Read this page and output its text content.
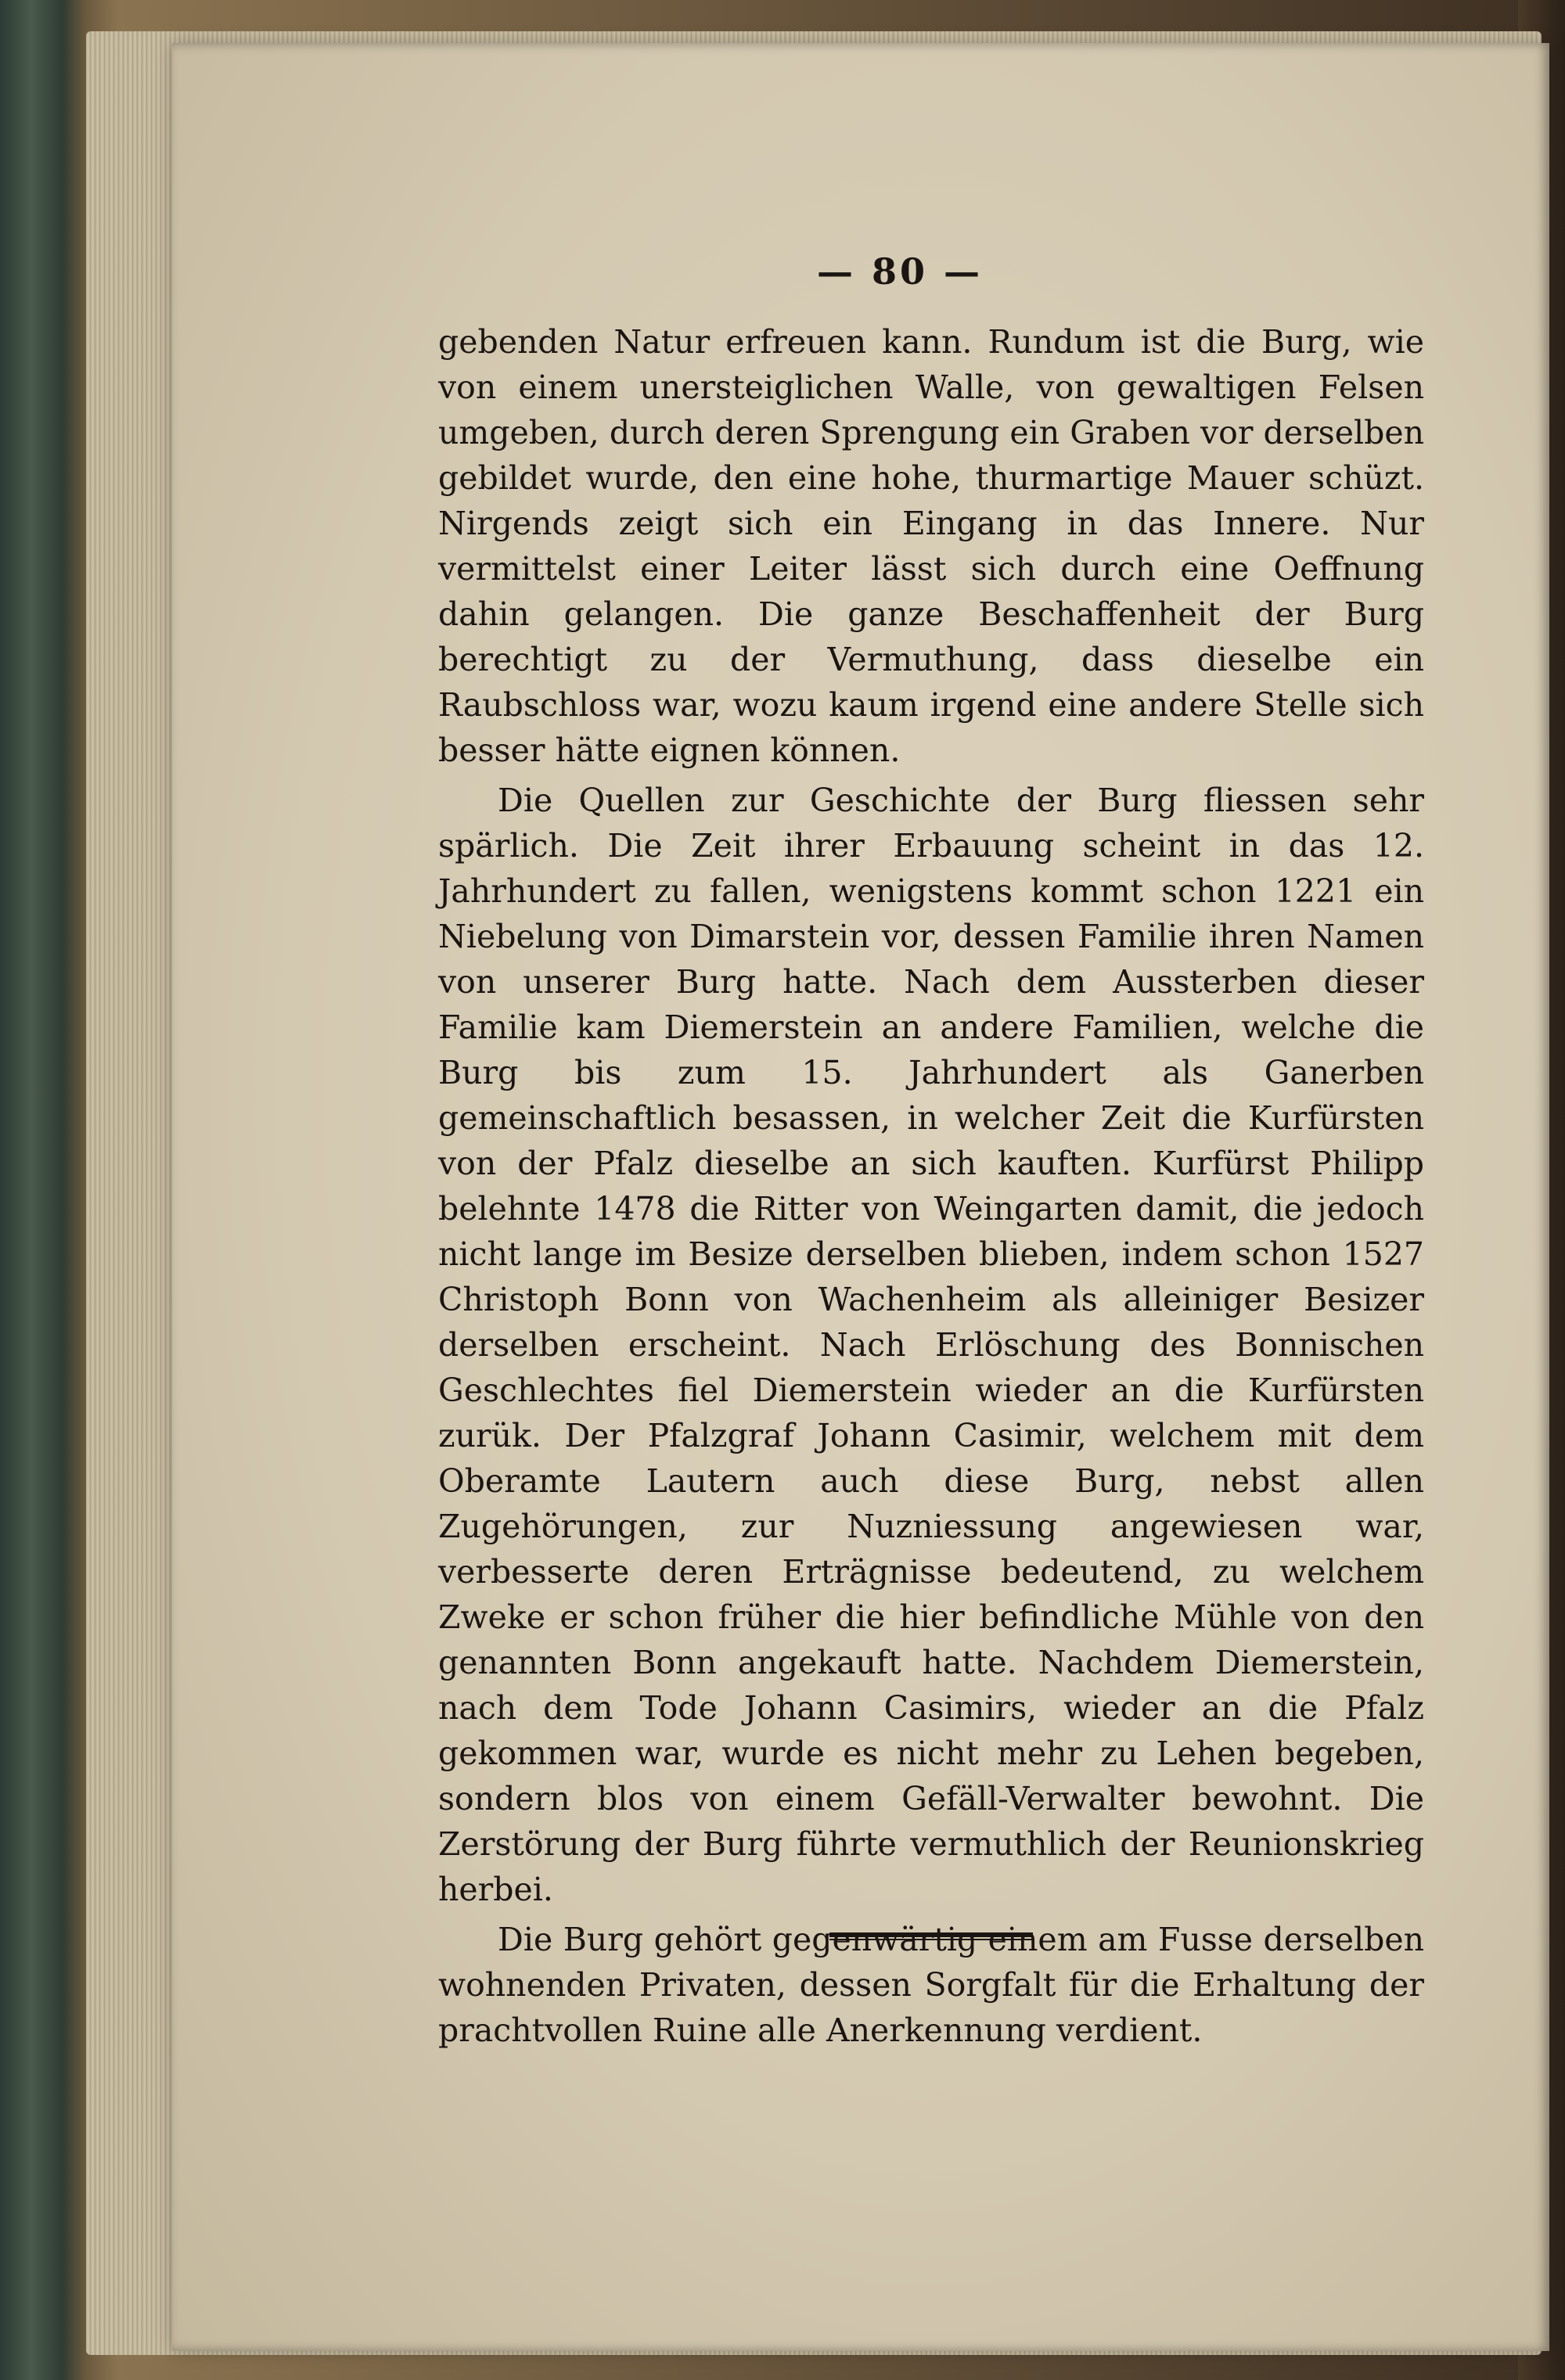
— 80 —

gebenden Natur erfreuen kann. Rundum ist die Burg, wie von einem unersteiglichen Walle, von gewaltigen Felsen umgeben, durch deren Sprengung ein Graben vor derselben gebildet wurde, den eine hohe, thurmartige Mauer schüzt. Nirgends zeigt sich ein Eingang in das Innere. Nur vermittelst einer Leiter lässt sich durch eine Oeffnung dahin gelangen. Die ganze Beschaffenheit der Burg berechtigt zu der Vermuthung, dass dieselbe ein Raubschloss war, wozu kaum irgend eine andere Stelle sich besser hätte eignen können.

Die Quellen zur Geschichte der Burg fliessen sehr spärlich. Die Zeit ihrer Erbauung scheint in das 12. Jahrhundert zu fallen, wenigstens kommt schon 1221 ein Niebelung von Dimarstein vor, dessen Familie ihren Namen von unserer Burg hatte. Nach dem Aussterben dieser Familie kam Diemerstein an andere Familien, welche die Burg bis zum 15. Jahrhundert als Ganerben gemeinschaftlich besassen, in welcher Zeit die Kurfürsten von der Pfalz dieselbe an sich kauften. Kurfürst Philipp belehnte 1478 die Ritter von Weingarten damit, die jedoch nicht lange im Besize derselben blieben, indem schon 1527 Christoph Bonn von Wachenheim als alleiniger Besizer derselben erscheint. Nach Erlöschung des Bonnischen Geschlechtes fiel Diemerstein wieder an die Kurfürsten zurük. Der Pfalzgraf Johann Casimir, welchem mit dem Oberamte Lautern auch diese Burg, nebst allen Zugehörungen, zur Nuzniessung angewiesen war, verbesserte deren Erträgnisse bedeutend, zu welchem Zweke er schon früher die hier befindliche Mühle von den genannten Bonn angekauft hatte. Nachdem Diemerstein, nach dem Tode Johann Casimirs, wieder an die Pfalz gekommen war, wurde es nicht mehr zu Lehen begeben, sondern blos von einem Gefäll-Verwalter bewohnt. Die Zerstörung der Burg führte vermuthlich der Reunionskrieg herbei.

Die Burg gehört gegenwärtig einem am Fusse derselben wohnenden Privaten, dessen Sorgfalt für die Erhaltung der prachtvollen Ruine alle Anerkennung verdient.
